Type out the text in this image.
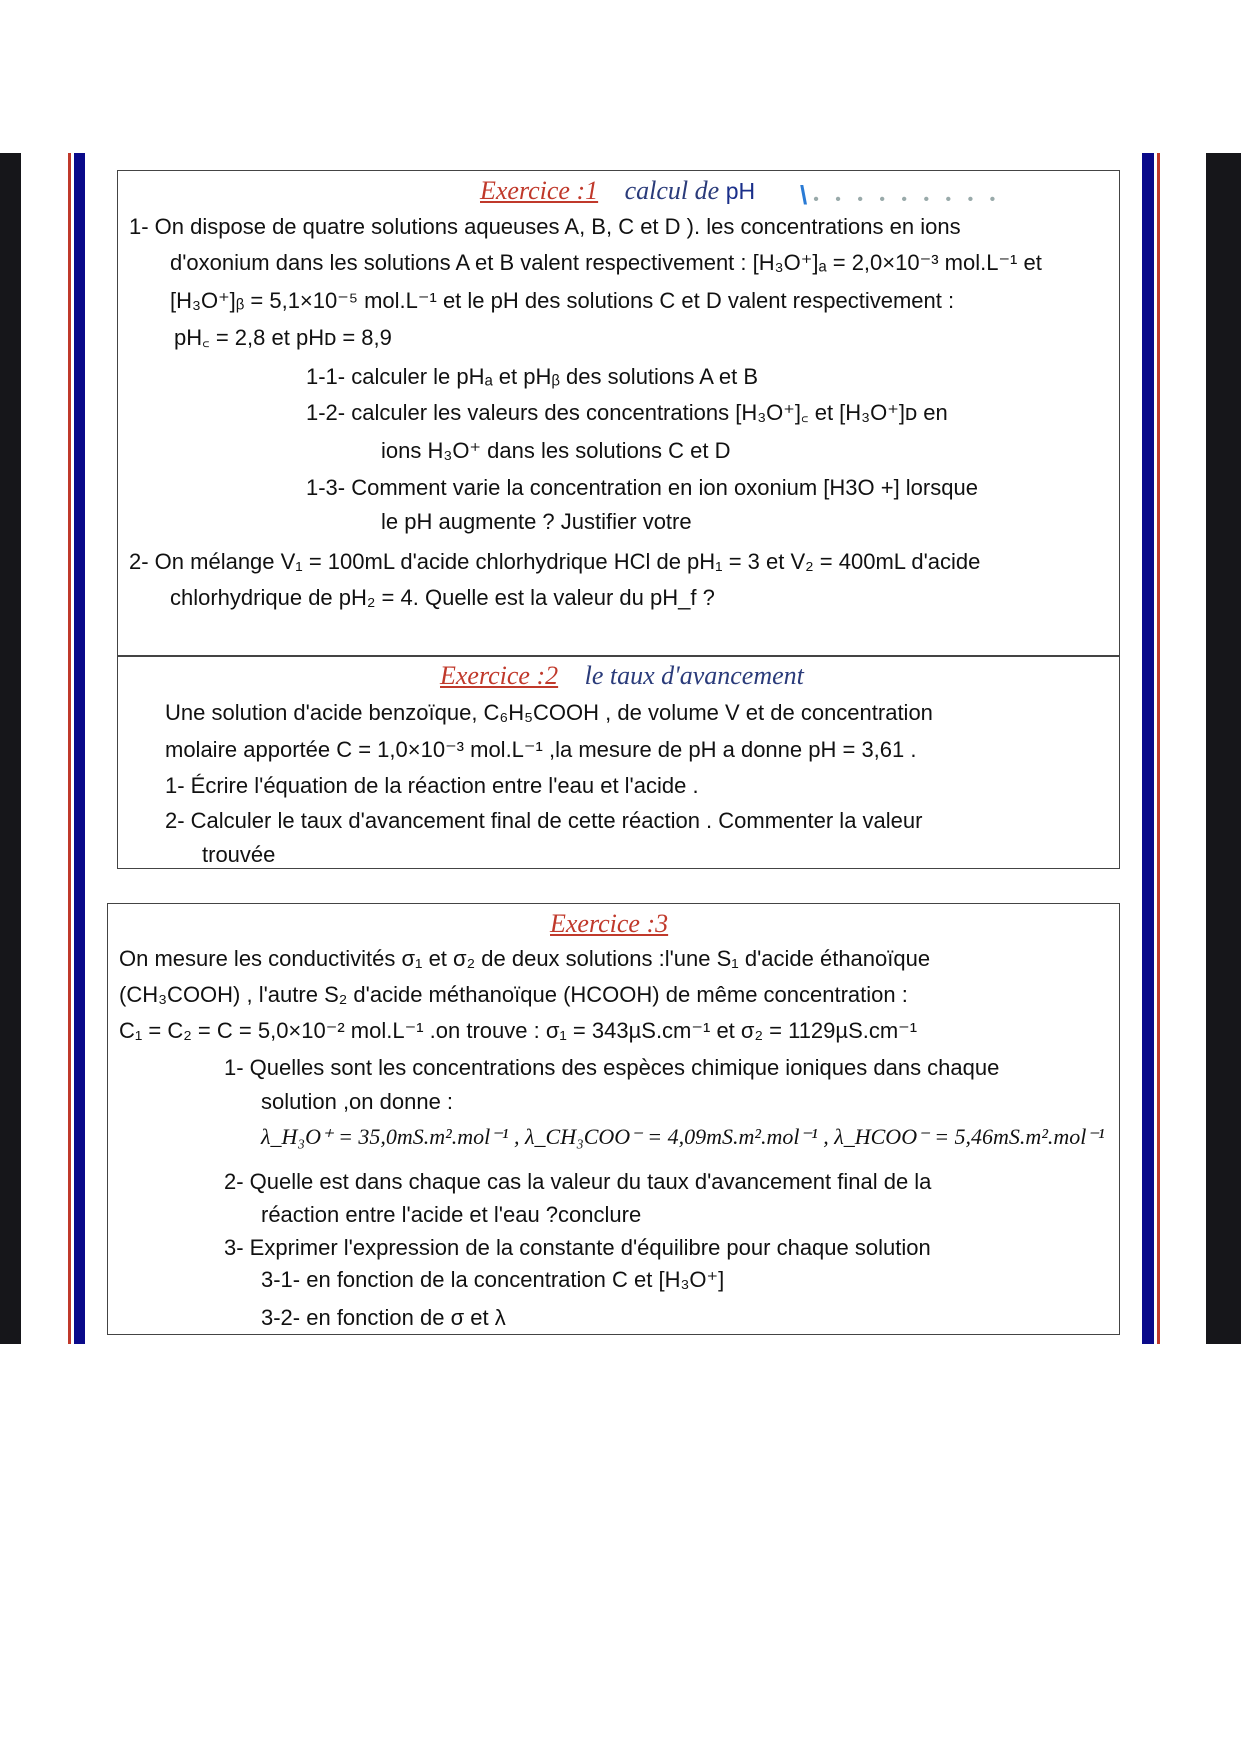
Exercice :1 calcul de pH \• • • • • • • • •
1- On dispose de quatre solutions aqueuses A, B, C et D ). les concentrations en ions
d'oxonium dans les solutions A et B valent respectivement : [H₃O⁺]ₐ = 2,0×10⁻³ mol.L⁻¹ et
[H₃O⁺]ᵦ = 5,1×10⁻⁵ mol.L⁻¹ et le pH des solutions C et D valent respectivement :
pH꜀ = 2,8 et pHᴅ = 8,9
1-1- calculer le pHₐ et pHᵦ des solutions A et B
1-2- calculer les valeurs des concentrations [H₃O⁺]꜀ et [H₃O⁺]ᴅ en
ions H₃O⁺ dans les solutions C et D
1-3- Comment varie la concentration en ion oxonium [H3O +] lorsque
le pH augmente ? Justifier votre
2- On mélange V₁ = 100mL d'acide chlorhydrique HCl de pH₁ = 3 et V₂ = 400mL d'acide
chlorhydrique de pH₂ = 4. Quelle est la valeur du pH_f ?
Exercice :2 le taux d'avancement
Une solution d'acide benzoïque, C₆H₅COOH , de volume V et de concentration
molaire apportée C = 1,0×10⁻³ mol.L⁻¹ ,la mesure de pH a donne pH = 3,61 .
1- Écrire l'équation de la réaction entre l'eau et l'acide .
2- Calculer le taux d'avancement final de cette réaction . Commenter la valeur
trouvée
Exercice :3
On mesure les conductivités σ₁ et σ₂ de deux solutions :l'une S₁ d'acide éthanoïque
(CH₃COOH) , l'autre S₂ d'acide méthanoïque (HCOOH) de même concentration :
C₁ = C₂ = C = 5,0×10⁻² mol.L⁻¹ .on trouve : σ₁ = 343µS.cm⁻¹ et σ₂ = 1129µS.cm⁻¹
1- Quelles sont les concentrations des espèces chimique ioniques dans chaque
solution ,on donne :
λ_H₃O⁺ = 35,0mS.m².mol⁻¹ , λ_CH₃COO⁻ = 4,09mS.m².mol⁻¹ , λ_HCOO⁻ = 5,46mS.m².mol⁻¹
2- Quelle est dans chaque cas la valeur du taux d'avancement final de la
réaction entre l'acide et l'eau ?conclure
3- Exprimer l'expression de la constante d'équilibre pour chaque solution
3-1- en fonction de la concentration C et [H₃O⁺]
3-2- en fonction de σ et λ
